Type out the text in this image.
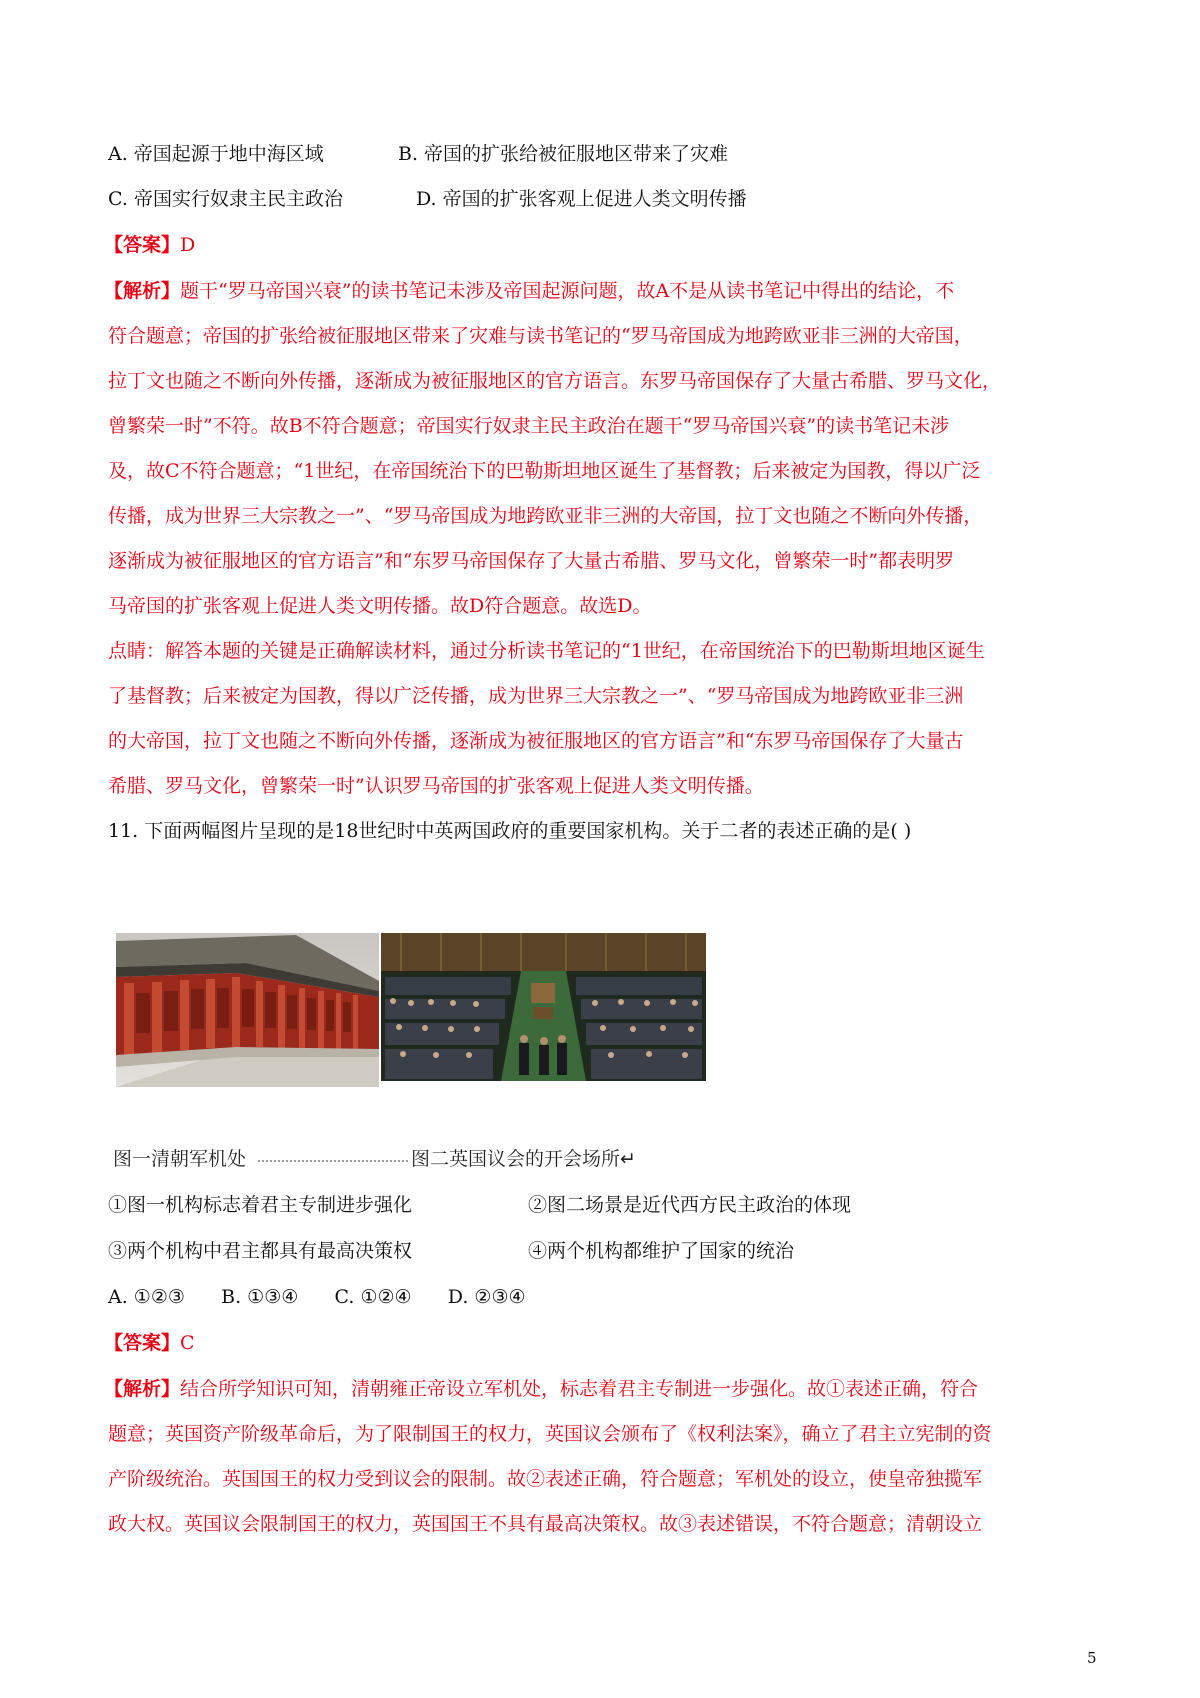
A. 帝国起源于地中海区域	B. 帝国的扩张给被征服地区带来了灾难
C. 帝国实行奴隶主民主政治	D. 帝国的扩张客观上促进人类文明传播
【答案】D
【解析】题干“罗马帝国兴衰”的读书笔记未涉及帝国起源问题，故A不是从读书笔记中得出的结论，不
符合题意；帝国的扩张给被征服地区带来了灾难与读书笔记的“罗马帝国成为地跨欧亚非三洲的大帝国，
拉丁文也随之不断向外传播，逐渐成为被征服地区的官方语言。东罗马帝国保存了大量古希腊、罗马文化，
曾繁荣一时”不符。故B不符合题意；帝国实行奴隶主民主政治在题干“罗马帝国兴衰”的读书笔记未涉
及，故C不符合题意；“1世纪，在帝国统治下的巴勒斯坦地区诞生了基督教；后来被定为国教，得以广泛
传播，成为世界三大宗教之一”、“罗马帝国成为地跨欧亚非三洲的大帝国，拉丁文也随之不断向外传播，
逐渐成为被征服地区的官方语言”和“东罗马帝国保存了大量古希腊、罗马文化，曾繁荣一时”都表明罗
马帝国的扩张客观上促进人类文明传播。故D符合题意。故选D。
点睛：解答本题的关键是正确解读材料，通过分析读书笔记的“1世纪，在帝国统治下的巴勒斯坦地区诞生
了基督教；后来被定为国教，得以广泛传播，成为世界三大宗教之一”、“罗马帝国成为地跨欧亚非三洲
的大帝国，拉丁文也随之不断向外传播，逐渐成为被征服地区的官方语言”和“东罗马帝国保存了大量古
希腊、罗马文化，曾繁荣一时”认识罗马帝国的扩张客观上促进人类文明传播。
11. 下面两幅图片呈现的是18世纪时中英两国政府的重要国家机构。关于二者的表述正确的是( )
图一清朝军机处	图二英国议会的开会场所↵
①图一机构标志着君主专制进步强化	②图二场景是近代西方民主政治的体现
③两个机构中君主都具有最高决策权	④两个机构都维护了国家的统治
A. ①②③      B. ①③④      C. ①②④      D. ②③④
【答案】C
【解析】结合所学知识可知，清朝雍正帝设立军机处，标志着君主专制进一步强化。故①表述正确，符合
题意；英国资产阶级革命后，为了限制国王的权力，英国议会颁布了《权利法案》，确立了君主立宪制的资
产阶级统治。英国国王的权力受到议会的限制。故②表述正确，符合题意；军机处的设立，使皇帝独揽军
政大权。英国议会限制国王的权力，英国国王不具有最高决策权。故③表述错误，不符合题意；清朝设立
5
